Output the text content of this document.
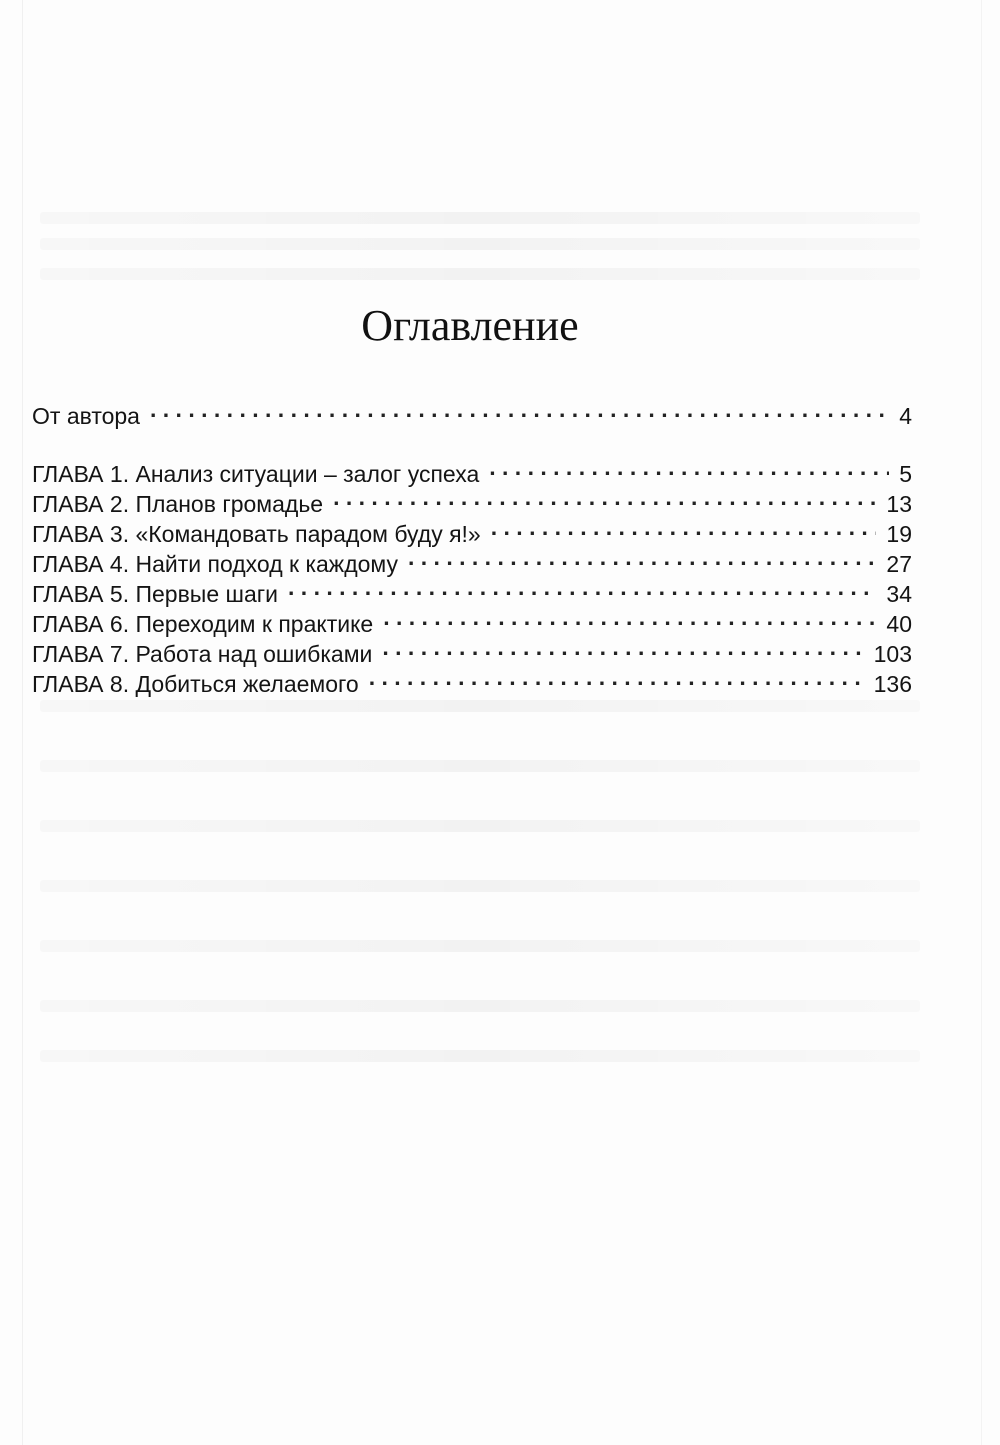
Оглавление
От автора . . .	4
ГЛАВА 1. Анализ ситуации – залог успеха . . .	5
ГЛАВА 2. Планов громадье . . .	13
ГЛАВА 3. «Командовать парадом буду я!» . . .	19
ГЛАВА 4. Найти подход к каждому . . .	27
ГЛАВА 5. Первые шаги . . .	34
ГЛАВА 6. Переходим к практике . . .	40
ГЛАВА 7. Работа над ошибками . . .	103
ГЛАВА 8. Добиться желаемого . . .	136
